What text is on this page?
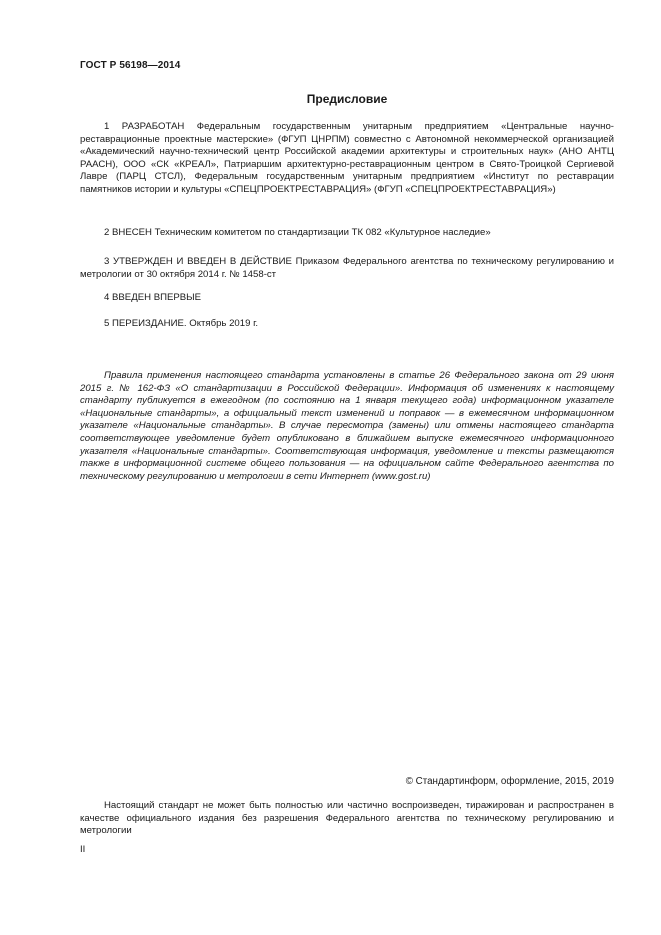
ГОСТ Р 56198—2014
Предисловие

1 РАЗРАБОТАН Федеральным государственным унитарным предприятием «Центральные научно-реставрационные проектные мастерские» (ФГУП ЦНРПМ) совместно с Автономной некоммерческой организацией «Академический научно-технический центр Российской академии архитектуры и строительных наук» (АНО АНТЦ РААСН), ООО «СК «КРЕАЛ», Патриаршим архитектурно-реставрационным центром в Свято-Троицкой Сергиевой Лавре (ПАРЦ СТСЛ), Федеральным государственным унитарным предприятием «Институт по реставрации памятников истории и культуры «СПЕЦПРОЕКТРЕСТАВРАЦИЯ» (ФГУП «СПЕЦПРОЕКТРЕСТАВРАЦИЯ»)

2 ВНЕСЕН Техническим комитетом по стандартизации ТК 082 «Культурное наследие»

3 УТВЕРЖДЕН И ВВЕДЕН В ДЕЙСТВИЕ Приказом Федерального агентства по техническому регулированию и метрологии от 30 октября 2014 г. № 1458-ст

4 ВВЕДЕН ВПЕРВЫЕ

5 ПЕРЕИЗДАНИЕ. Октябрь 2019 г.

Правила применения настоящего стандарта установлены в статье 26 Федерального закона от 29 июня 2015 г. № 162-ФЗ «О стандартизации в Российской Федерации». Информация об изменениях к настоящему стандарту публикуется в ежегодном (по состоянию на 1 января текущего года) информационном указателе «Национальные стандарты», а официальный текст изменений и поправок — в ежемесячном информационном указателе «Национальные стандарты». В случае пересмотра (замены) или отмены настоящего стандарта соответствующее уведомление будет опубликовано в ближайшем выпуске ежемесячного информационного указателя «Национальные стандарты». Соответствующая информация, уведомление и тексты размещаются также в информационной системе общего пользования — на официальном сайте Федерального агентства по техническому регулированию и метрологии в сети Интернет (www.gost.ru)

© Стандартинформ, оформление, 2015, 2019

Настоящий стандарт не может быть полностью или частично воспроизведен, тиражирован и распространен в качестве официального издания без разрешения Федерального агентства по техническому регулированию и метрологии

II
